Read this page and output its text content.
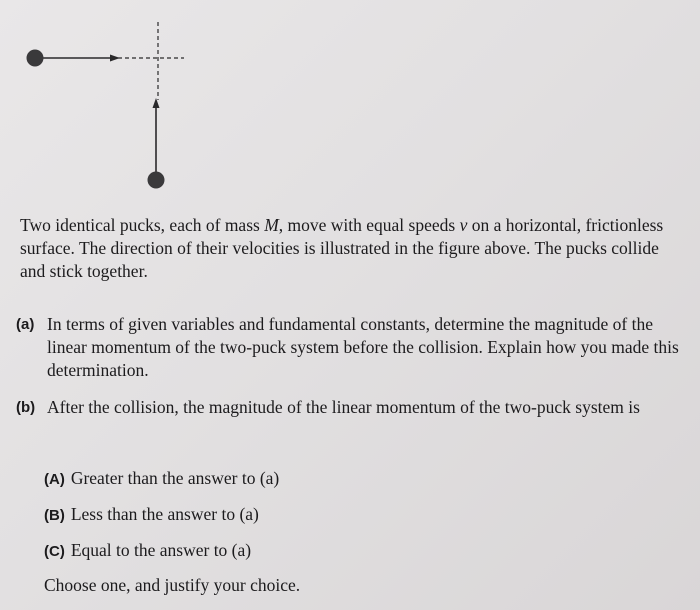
Two identical pucks, each of mass M, move with equal speeds v on a horizontal, frictionless surface. The direction of their velocities is illustrated in the figure above. The pucks collide and stick together.

(a) In terms of given variables and fundamental constants, determine the magnitude of the linear momentum of the two-puck system before the collision. Explain how you made this determination.
(b) After the collision, the magnitude of the linear momentum of the two-puck system is
(A) Greater than the answer to (a)
(B) Less than the answer to (a)
(C) Equal to the answer to (a)
Choose one, and justify your choice.
